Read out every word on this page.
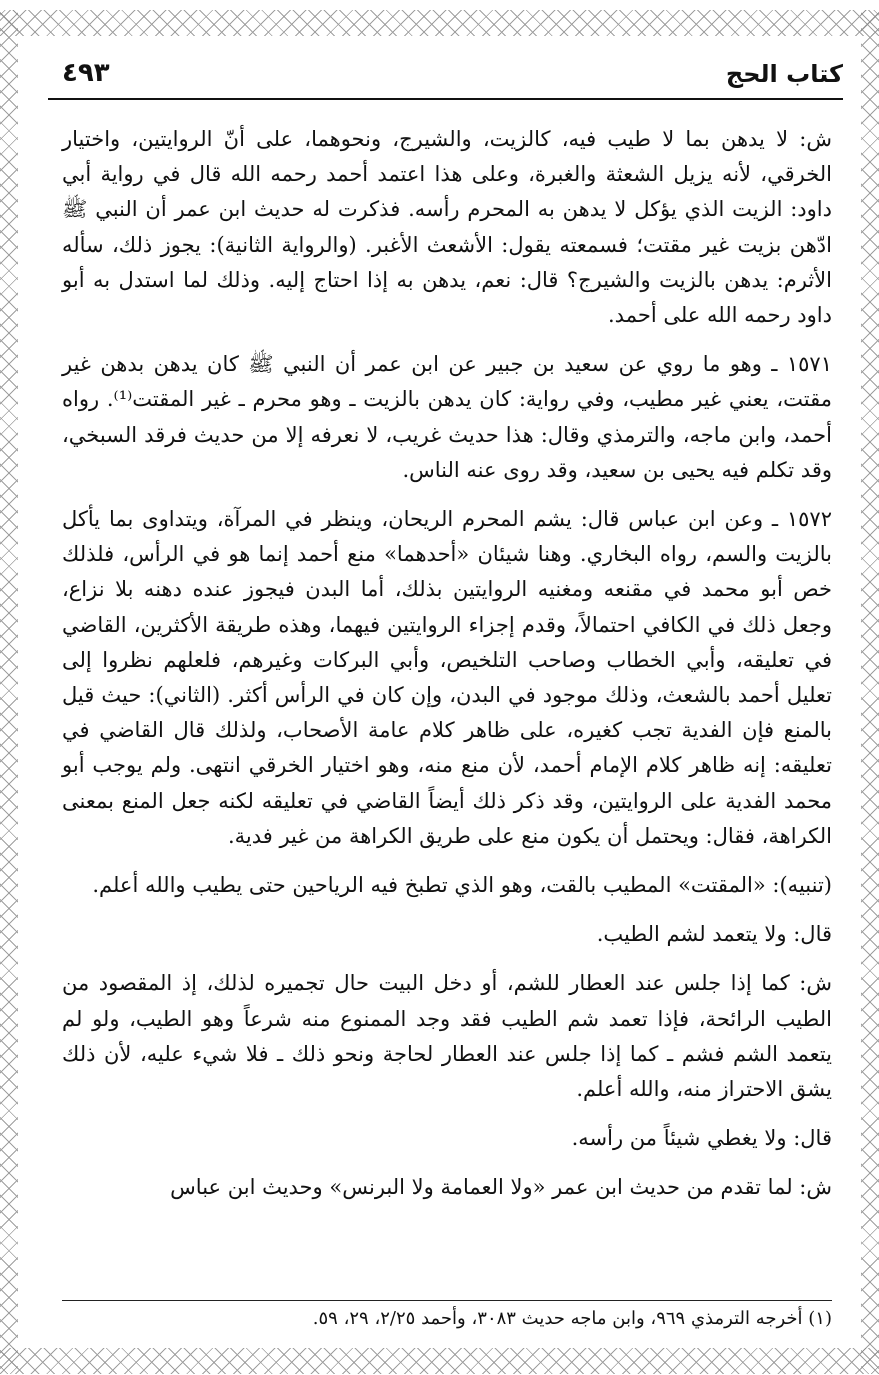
٤٩٣	كتاب الحج

ش: لا يدهن بما لا طيب فيه، كالزيت، والشيرج، ونحوهما، على أنّ الروايتين، واختيار الخرقي، لأنه يزيل الشعثة والغبرة، وعلى هذا اعتمد أحمد رحمه الله قال في رواية أبي داود: الزيت الذي يؤكل لا يدهن به المحرم رأسه. فذكرت له حديث ابن عمر أن النبي ﷺ ادّهن بزيت غير مقتت؛ فسمعته يقول: الأشعث الأغبر. (والرواية الثانية): يجوز ذلك، سأله الأثرم: يدهن بالزيت والشيرج؟ قال: نعم، يدهن به إذا احتاج إليه. وذلك لما استدل به أبو داود رحمه الله على أحمد.

١٥٧١ ـ وهو ما روي عن سعيد بن جبير عن ابن عمر أن النبي ﷺ كان يدهن بدهن غير مقتت، يعني غير مطيب، وفي رواية: كان يدهن بالزيت ـ وهو محرم ـ غير المقتت⁽¹⁾. رواه أحمد، وابن ماجه، والترمذي وقال: هذا حديث غريب، لا نعرفه إلا من حديث فرقد السبخي، وقد تكلم فيه يحيى بن سعيد، وقد روى عنه الناس.

١٥٧٢ ـ وعن ابن عباس قال: يشم المحرم الريحان، وينظر في المرآة، ويتداوى بما يأكل بالزيت والسم، رواه البخاري. وهنا شيئان «أحدهما» منع أحمد إنما هو في الرأس، فلذلك خص أبو محمد في مقنعه ومغنيه الروايتين بذلك، أما البدن فيجوز عنده دهنه بلا نزاع، وجعل ذلك في الكافي احتمالاً، وقدم إجزاء الروايتين فيهما، وهذه طريقة الأكثرين، القاضي في تعليقه، وأبي الخطاب وصاحب التلخيص، وأبي البركات وغيرهم، فلعلهم نظروا إلى تعليل أحمد بالشعث، وذلك موجود في البدن، وإن كان في الرأس أكثر. (الثاني): حيث قيل بالمنع فإن الفدية تجب كغيره، على ظاهر كلام عامة الأصحاب، ولذلك قال القاضي في تعليقه: إنه ظاهر كلام الإمام أحمد، لأن منع منه، وهو اختيار الخرقي انتهى. ولم يوجب أبو محمد الفدية على الروايتين، وقد ذكر ذلك أيضاً القاضي في تعليقه لكنه جعل المنع بمعنى الكراهة، فقال: ويحتمل أن يكون منع على طريق الكراهة من غير فدية.

(تنبيه): «المقتت» المطيب بالقت، وهو الذي تطبخ فيه الرياحين حتى يطيب والله أعلم.

قال: ولا يتعمد لشم الطيب.

ش: كما إذا جلس عند العطار للشم، أو دخل البيت حال تجميره لذلك، إذ المقصود من الطيب الرائحة، فإذا تعمد شم الطيب فقد وجد الممنوع منه شرعاً وهو الطيب، ولو لم يتعمد الشم فشم ـ كما إذا جلس عند العطار لحاجة ونحو ذلك ـ فلا شيء عليه، لأن ذلك يشق الاحتراز منه، والله أعلم.

قال: ولا يغطي شيئاً من رأسه.

ش: لما تقدم من حديث ابن عمر «ولا العمامة ولا البرنس» وحديث ابن عباس

(١) أخرجه الترمذي ٩٦٩، وابن ماجه حديث ٣٠٨٣، وأحمد ٢/٢٥، ٢٩، ٥٩.
